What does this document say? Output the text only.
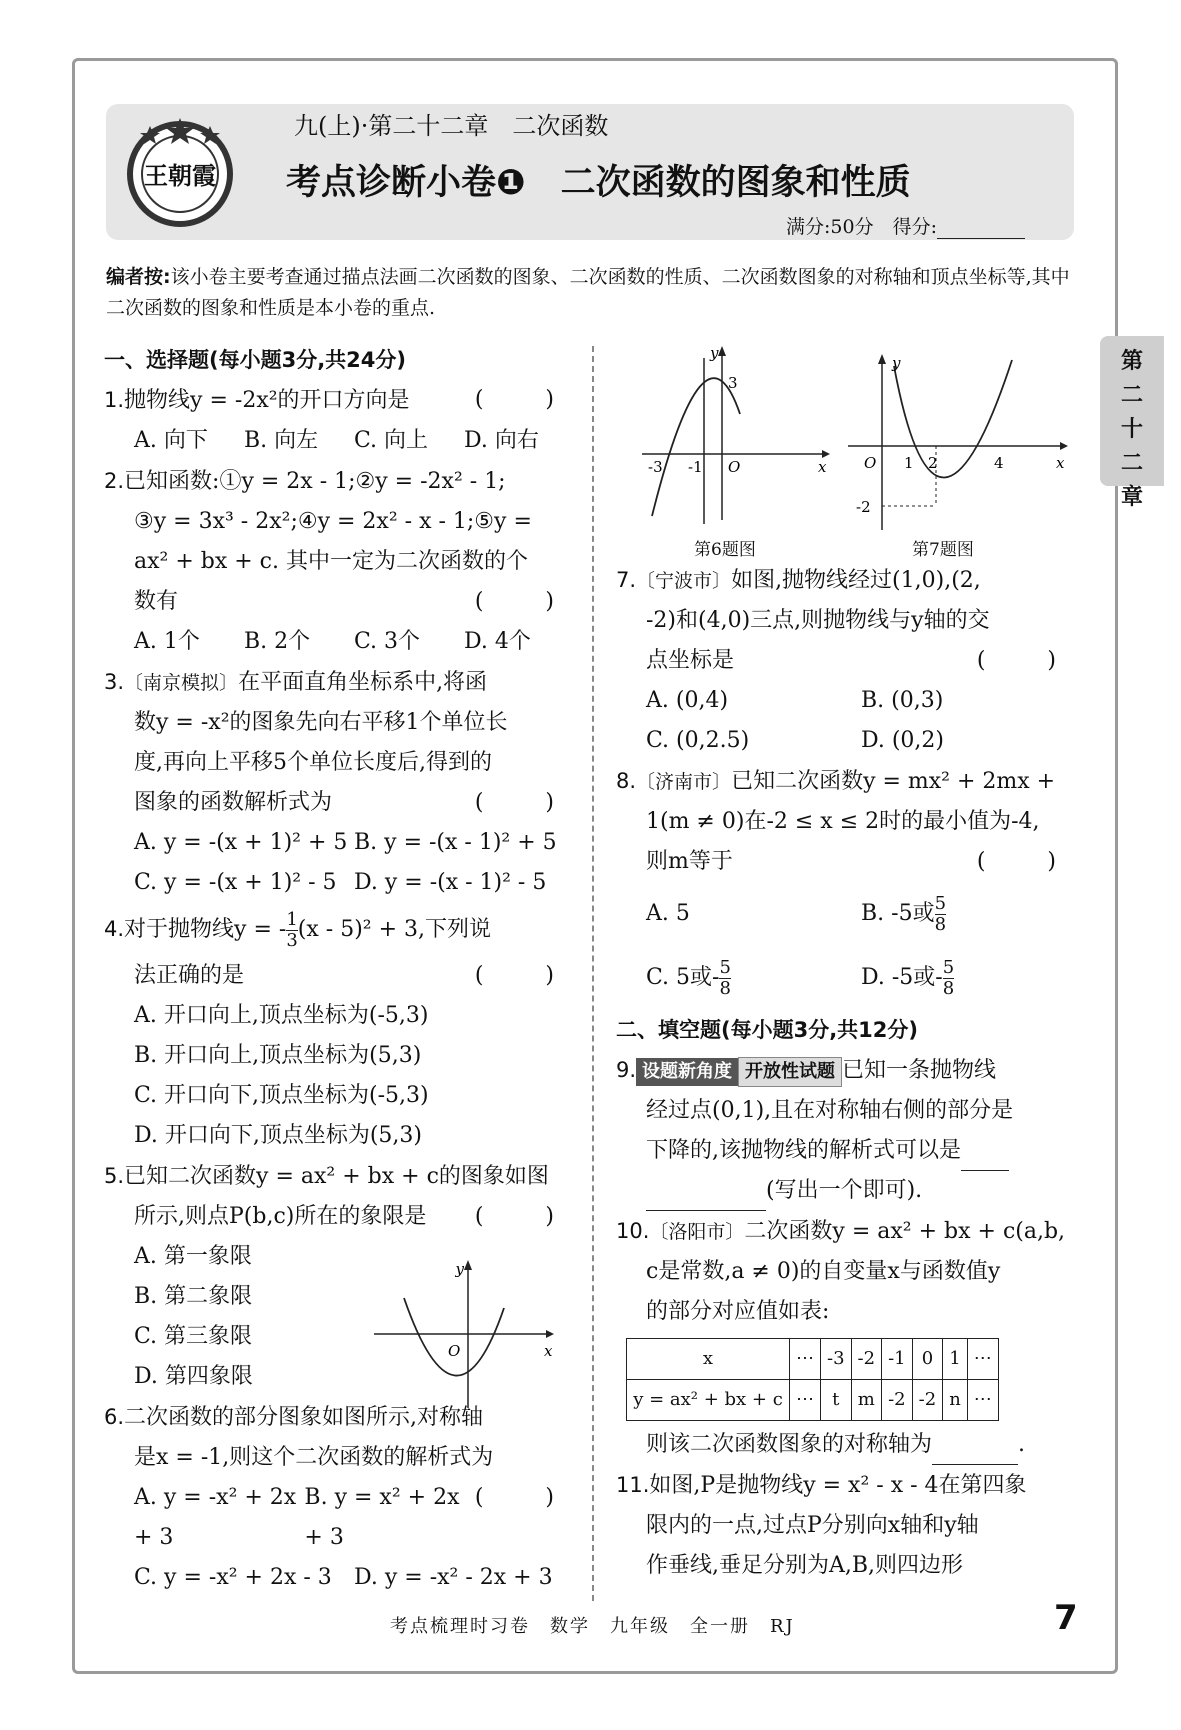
王朝霞
九(上)·第二十二章　二次函数
考点诊断小卷❶　二次函数的图象和性质
满分:50分　 得分:
编者按:该小卷主要考查通过描点法画二次函数的图象、二次函数的性质、二次函数图象的对称轴和顶点坐标等,其中二次函数的图象和性质是本小卷的重点.
第
二
十
二
章
一、选择题(每小题3分,共24分)
1.抛物线y = -2x²的开口方向是	(　)
A. 向下	B. 向左	C. 向上	D. 向右
2.已知函数:①y = 2x - 1;②y = -2x² - 1;
③y = 3x³ - 2x²;④y = 2x² - x - 1;⑤y =
ax² + bx + c. 其中一定为二次函数的个
数有	(　)
A. 1个	B. 2个	C. 3个	D. 4个
3.〔南京模拟〕在平面直角坐标系中,将函
数y = -x²的图象先向右平移1个单位长
度,再向上平移5个单位长度后,得到的
图象的函数解析式为	(　)
A. y = -(x + 1)² + 5 B. y = -(x - 1)² + 5
C. y = -(x + 1)² - 5 D. y = -(x - 1)² - 5
4.对于抛物线y = - $\frac{1}{3} (x - 5)^2 + 3$,下列说
法正确的是	(　)
A. 开口向上,顶点坐标为(-5,3)
B. 开口向上,顶点坐标为(5,3)
C. 开口向下,顶点坐标为(-5,3)
D. 开口向下,顶点坐标为(5,3)
5.已知二次函数y = ax² + bx + c的图象如图
所示,则点P(b,c)所在的象限是 (　)
A. 第一象限
B. 第二象限
C. 第三象限
D. 第四象限
6.二次函数的部分图象如图所示,对称轴
是x = -1,则这个二次函数的解析式为
(　)
A. y = -x² + 2x + 3
B. y = x² + 2x + 3
C. y = -x² + 2x - 3	D. y = -x² - 2x + 3
y
x
O
y
x
O
3
-3 -1
第6题图
y
x
O 1 2	4
-2
第7题图
7.〔宁波市〕如图,抛物线经过(1,0),(2,
-2)和(4,0)三点,则抛物线与y轴的交
点坐标是	(　)
A. (0,4)	B. (0,3)
C. (0,2.5)	D. (0,2)
8.〔济南市〕已知二次函数y = mx² + 2mx +
1(m ≠ 0)在-2 ≤ x ≤ 2时的最小值为-4,
则m等于	(　)
A. 5	B. -5或 $\frac{5}{8}$
C. 5或- $\frac{5}{8}$	D. -5或- $\frac{5}{8}$
二、填空题(每小题3分,共12分)
9. 设题新角度 开放性试题 已知一条抛物线
经过点(0,1),且在对称轴右侧的部分是
下降的,该抛物线的解析式可以是
(写出一个即可).
10.〔洛阳市〕二次函数y = ax² + bx + c(a,b,
c是常数,a ≠ 0)的自变量x与函数值y
的部分对应值如表:
x	⋯	-3	-2	-1	0	1	⋯
y = ax² + bx + c	⋯	t	m	-2	-2	n	⋯
则该二次函数图象的对称轴为	.
11.如图,P是抛物线y = x² - x - 4在第四象
限内的一点,过点P分别向x轴和y轴
作垂线,垂足分别为A,B,则四边形
考点梳理时习卷　数学　九年级　全一册　RJ	7
